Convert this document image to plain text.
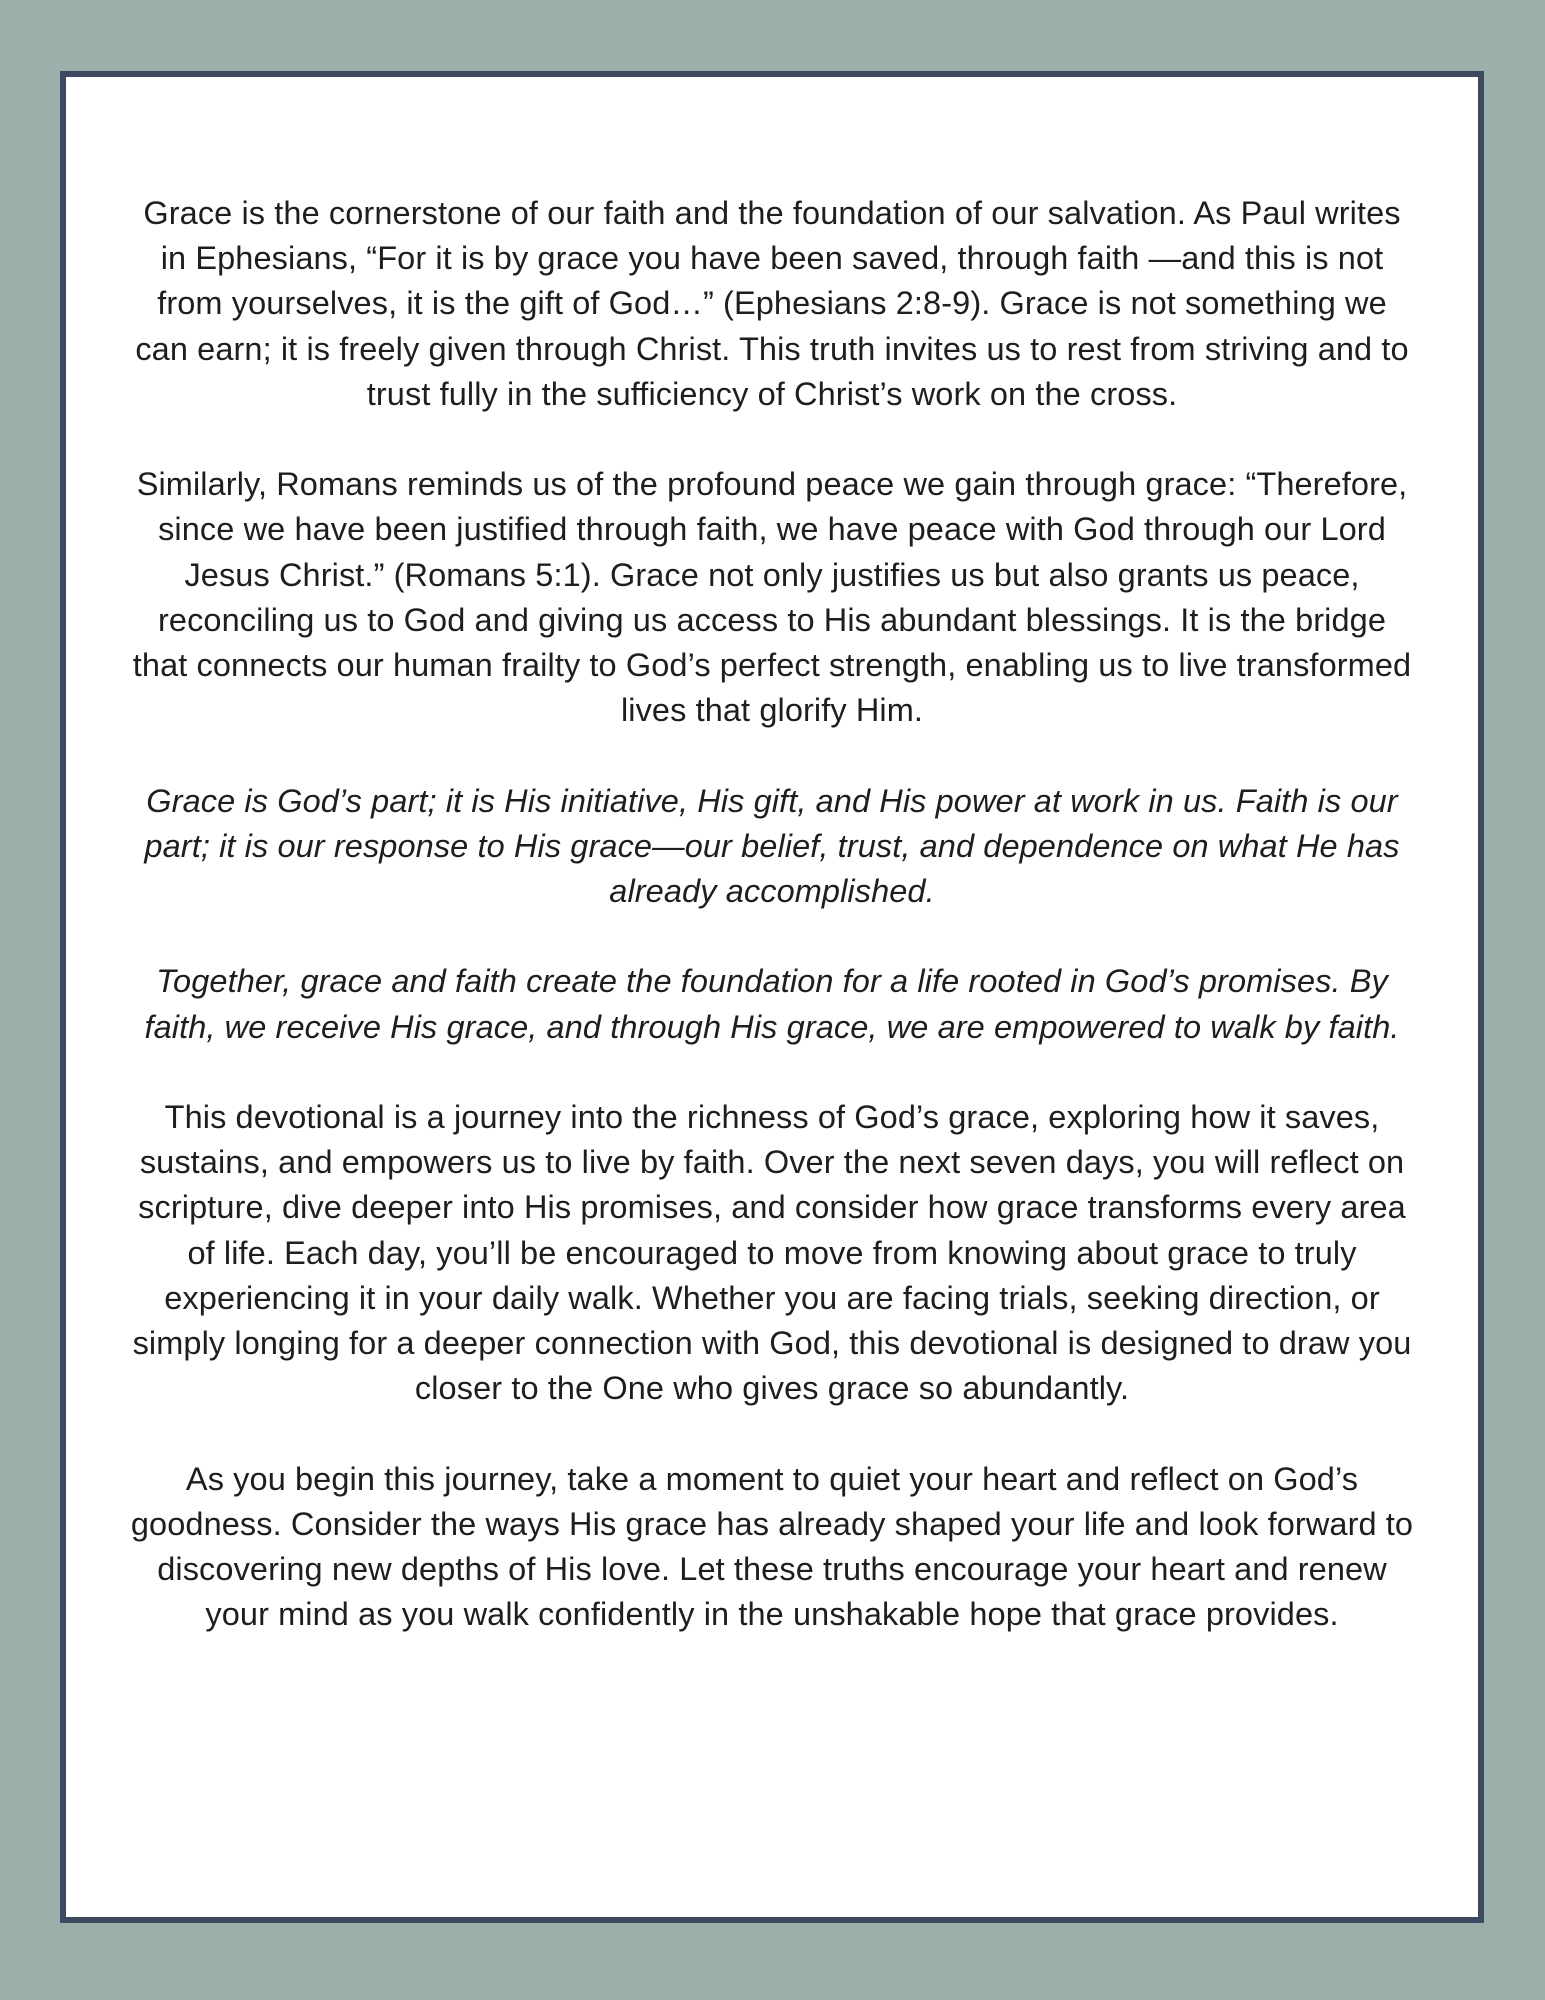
Grace is the cornerstone of our faith and the foundation of our salvation. As Paul writes in Ephesians, “For it is by grace you have been saved, through faith —and this is not from yourselves, it is the gift of God…” (Ephesians 2:8-9). Grace is not something we can earn; it is freely given through Christ. This truth invites us to rest from striving and to trust fully in the sufficiency of Christ’s work on the cross.

Similarly, Romans reminds us of the profound peace we gain through grace: “Therefore, since we have been justified through faith, we have peace with God through our Lord Jesus Christ.” (Romans 5:1). Grace not only justifies us but also grants us peace, reconciling us to God and giving us access to His abundant blessings. It is the bridge that connects our human frailty to God’s perfect strength, enabling us to live transformed lives that glorify Him.

Grace is God’s part; it is His initiative, His gift, and His power at work in us. Faith is our part; it is our response to His grace—our belief, trust, and dependence on what He has already accomplished.

Together, grace and faith create the foundation for a life rooted in God’s promises. By faith, we receive His grace, and through His grace, we are empowered to walk by faith.

This devotional is a journey into the richness of God’s grace, exploring how it saves, sustains, and empowers us to live by faith. Over the next seven days, you will reflect on scripture, dive deeper into His promises, and consider how grace transforms every area of life. Each day, you’ll be encouraged to move from knowing about grace to truly experiencing it in your daily walk. Whether you are facing trials, seeking direction, or simply longing for a deeper connection with God, this devotional is designed to draw you closer to the One who gives grace so abundantly.

As you begin this journey, take a moment to quiet your heart and reflect on God’s goodness. Consider the ways His grace has already shaped your life and look forward to discovering new depths of His love. Let these truths encourage your heart and renew your mind as you walk confidently in the unshakable hope that grace provides.
